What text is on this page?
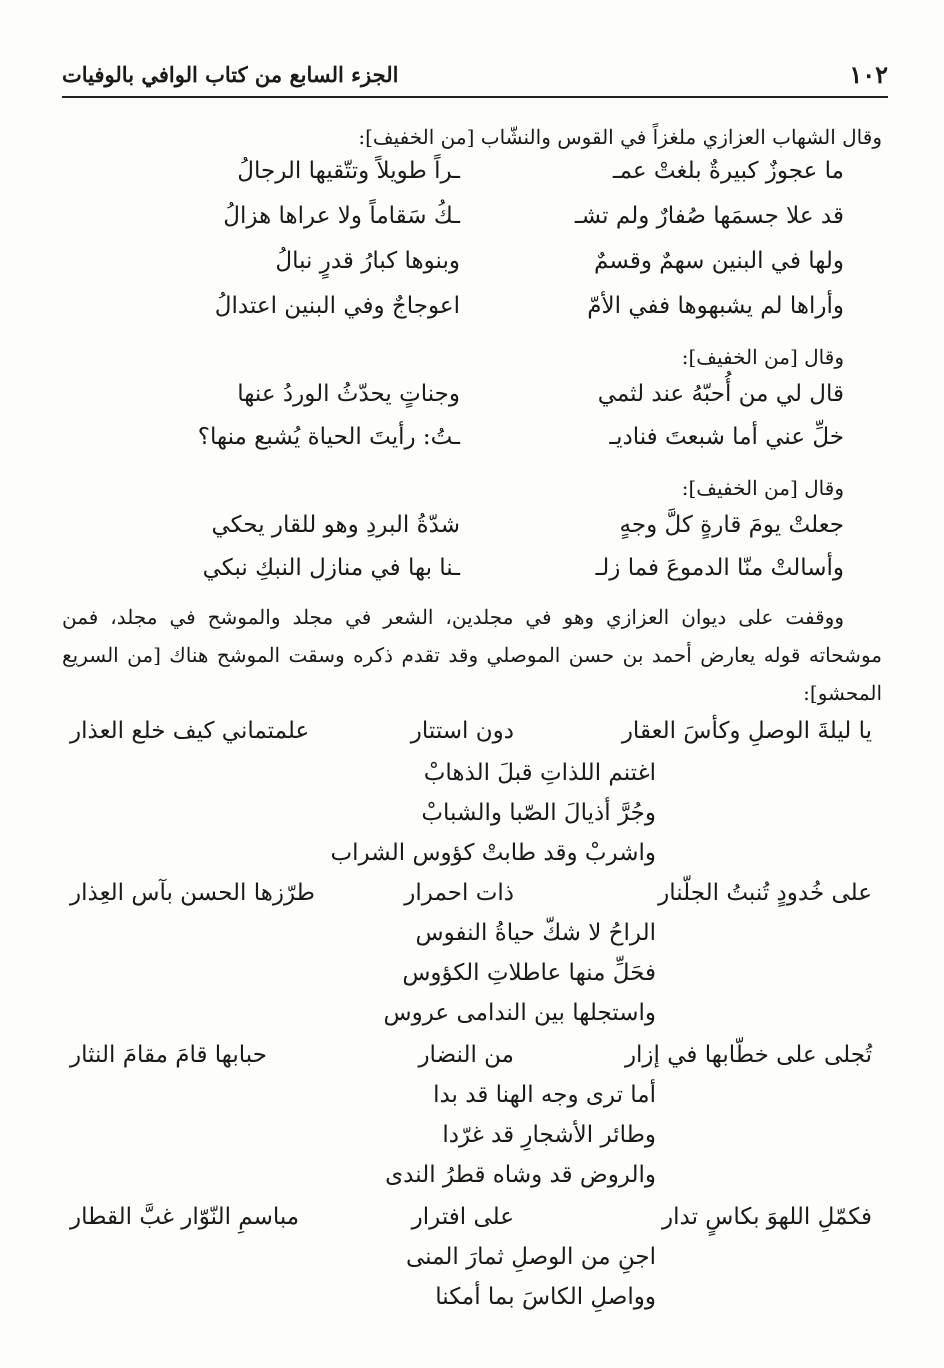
١٠٢
الجزء السابع من كتاب الوافي بالوفيات
وقال الشهاب العزازي ملغزاً في القوس والنشّاب [من الخفيف]:
ما عجوزٌ كبيرةٌ بلغتْ عمـ
ـراً طويلاً وتتّقيها الرجالُ
قد علا جسمَها صُفارٌ ولم تشـ
ـكُ سَقاماً ولا عراها هزالُ
ولها في البنين سهمٌ وقسمٌ
وبنوها كبارُ قدرٍ نبالُ
وأراها لم يشبهوها ففي الأمّ
اعوجاجٌ وفي البنين اعتدالُ
وقال [من الخفيف]:
قال لي من أُحبّهُ عند لثمي
وجناتٍ يحدّثُ الوردُ عنها
خلِّ عني أما شبعتَ فناديـ
ـتُ: رأيتَ الحياة يُشبع منها؟
وقال [من الخفيف]:
جعلتْ يومَ قارةٍ كلَّ وجهٍ
شدّةُ البردِ وهو للقار يحكي
وأسالتْ منّا الدموعَ فما زلـ
ـنا بها في منازل النبكِ نبكي
ووقفت على ديوان العزازي وهو في مجلدين، الشعر في مجلد والموشح في مجلد، فمن
موشحاته قوله يعارض أحمد بن حسن الموصلي وقد تقدم ذكره وسقت الموشح هناك [من السريع
المحشو]:
يا ليلةَ الوصلِ وكأسَ العقار
دون استتار
علمتماني كيف خلع العذار
اغتنم اللذاتِ قبلَ الذهابْ
وجُرَّ أذيالَ الصّبا والشبابْ
واشربْ وقد طابتْ كؤوس الشراب
على خُدودٍ تُنبتُ الجلّنار
ذات احمرار
طرّزها الحسن بآس العِذار
الراحُ لا شكّ حياةُ النفوس
فحَلِّ منها عاطلاتِ الكؤوس
واستجلها بين الندامى عروس
تُجلى على خطّابها في إزار
من النضار
حبابها قامَ مقامَ النثار
أما ترى وجه الهنا قد بدا
وطائر الأشجارِ قد غرّدا
والروض قد وشاه قطرُ الندى
فكمّلِ اللهوَ بكاسٍ تدار
على افترار
مباسمِ النّوّار غبَّ القطار
اجنِ من الوصلِ ثمارَ المنى
وواصلِ الكاسَ بما أمكنا
